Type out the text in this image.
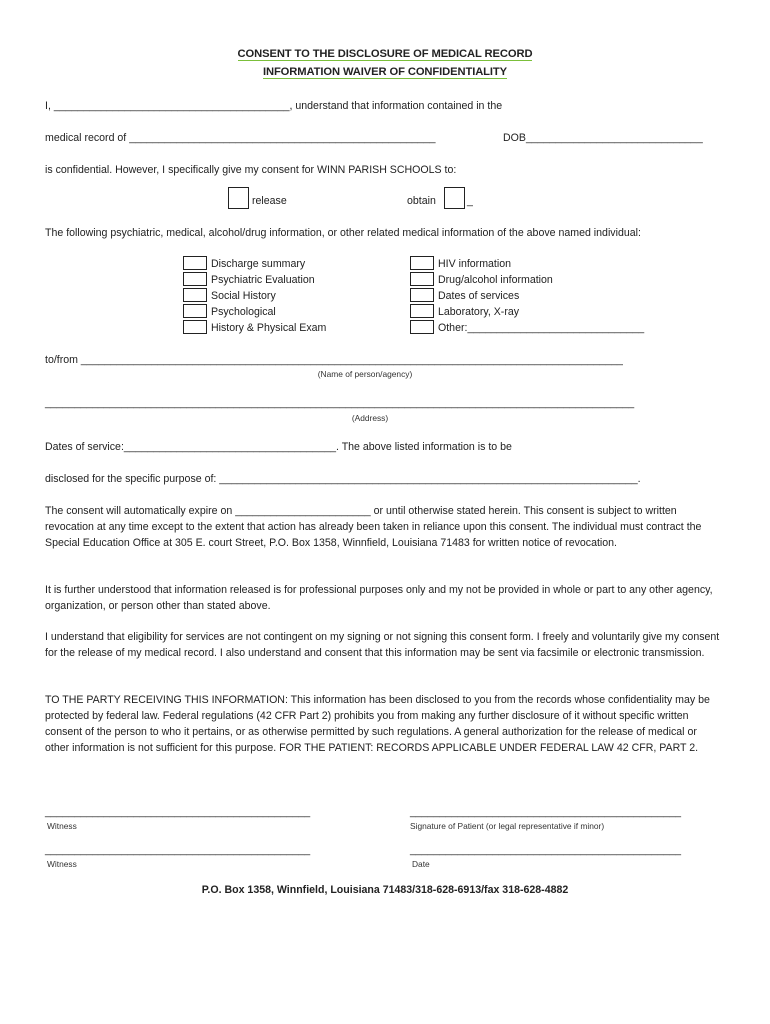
CONSENT TO THE DISCLOSURE OF MEDICAL RECORD
INFORMATION WAIVER OF CONFIDENTIALITY
I, ________________________________________, understand that information contained in the
medical record of ____________________________________________________	DOB______________________________
is confidential. However, I specifically give my consent for WINN PARISH SCHOOLS to:
release	obtain	_
The following psychiatric, medical, alcohol/drug information, or other related medical information of the above named individual:
Discharge summary
Psychiatric Evaluation
Social History
Psychological
History & Physical Exam
HIV information
Drug/alcohol information
Dates of services
Laboratory, X-ray
Other:______________________________
to/from ____________________________________________________________________________________________
(Name of person/agency)
____________________________________________________________________________________________________
(Address)
Dates of service:____________________________________. The above listed information is to be
disclosed for the specific purpose of: _______________________________________________________________________.
The consent will automatically expire on _______________________ or until otherwise stated herein. This consent is subject to written revocation at any time except to the extent that action has already been taken in reliance upon this consent. The individual must contract the Special Education Office at 305 E. court Street, P.O. Box 1358, Winnfield, Louisiana 71483 for written notice of revocation.
It is further understood that information released is for professional purposes only and my not be provided in whole or part to any other agency, organization, or person other than stated above.
I understand that eligibility for services are not contingent on my signing or not signing this consent form. I freely and voluntarily give my consent for the release of my medical record. I also understand and consent that this information may be sent via facsimile or electronic transmission.
TO THE PARTY RECEIVING THIS INFORMATION: This information has been disclosed to you from the records whose confidentiality may be protected by federal law. Federal regulations (42 CFR Part 2) prohibits you from making any further disclosure of it without specific written consent of the person to who it pertains, or as otherwise permitted by such regulations. A general authorization for the release of medical or other information is not sufficient for this purpose. FOR THE PATIENT: RECORDS APPLICABLE UNDER FEDERAL LAW 42 CFR, PART 2.
_____________________________________________	______________________________________________
Witness	Signature of Patient (or legal representative if minor)
_____________________________________________	______________________________________________
Witness	Date
P.O. Box 1358, Winnfield, Louisiana 71483/318-628-6913/fax 318-628-4882
